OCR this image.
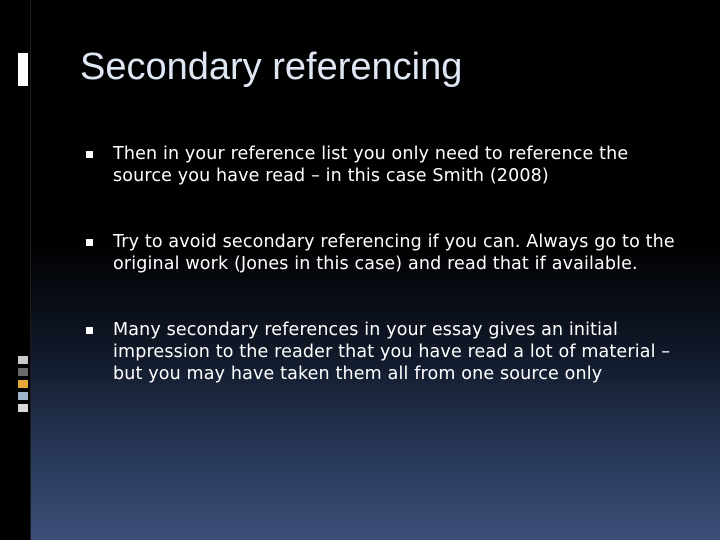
Secondary referencing
Then in your reference list you only need to reference the source you have read – in this case Smith (2008)
Try to avoid secondary referencing if you can. Always go to the original work (Jones in this case) and read that if available.
Many secondary references in your essay gives an initial impression to the reader that you have read a lot of material – but you may have taken them all from one source only
